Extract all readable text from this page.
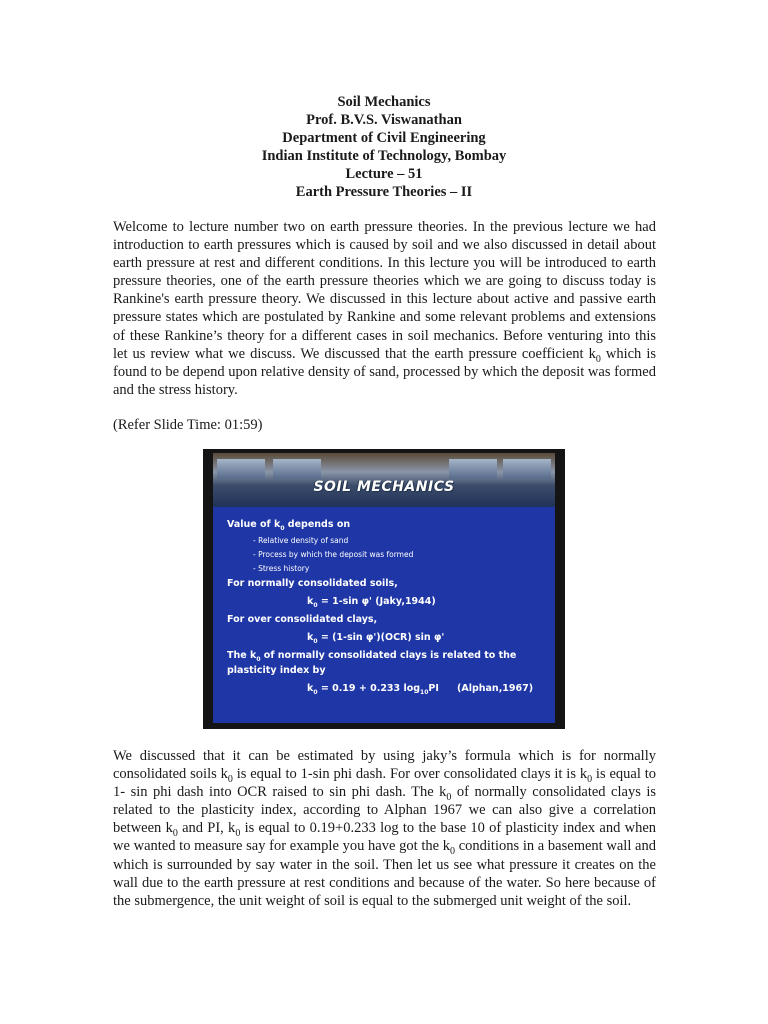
Soil Mechanics
Prof. B.V.S. Viswanathan
Department of Civil Engineering
Indian Institute of Technology, Bombay
Lecture – 51
Earth Pressure Theories – II

Welcome to lecture number two on earth pressure theories. In the previous lecture we had introduction to earth pressures which is caused by soil and we also discussed in detail about earth pressure at rest and different conditions. In this lecture you will be introduced to earth pressure theories, one of the earth pressure theories which we are going to discuss today is Rankine's earth pressure theory. We discussed in this lecture about active and passive earth pressure states which are postulated by Rankine and some relevant problems and extensions of these Rankine’s theory for a different cases in soil mechanics. Before venturing into this let us review what we discuss. We discussed that the earth pressure coefficient $k_0$ which is found to be depend upon relative density of sand, processed by which the deposit was formed and the stress history.

(Refer Slide Time: 01:59)

SOIL MECHANICS
Value of $k_0$ depends on
- Relative density of sand
- Process by which the deposit was formed
- Stress history
For normally consolidated soils,
$k_0 = 1-\sin$ φ' (Jaky,1944)
For over consolidated clays,
$k_0 = (1-\sin$ φ')(OCR) sin φ'
The $k_0$ of normally consolidated clays is related to the
plasticity index by
$k_0 = 0.19 + 0.233$ $\log_{10}PI$ (Alphan,1967)

We discussed that it can be estimated by using jaky’s formula which is for normally consolidated soils $k_0$ is equal to 1-sin phi dash. For over consolidated clays it is $k_0$ is equal to 1- sin phi dash into OCR raised to sin phi dash. The $k_0$ of normally consolidated clays is related to the plasticity index, according to Alphan 1967 we can also give a correlation between $k_0$ and PI, $k_0$ is equal to 0.19+0.233 log to the base 10 of plasticity index and when we wanted to measure say for example you have got the $k_0$ conditions in a basement wall and which is surrounded by say water in the soil. Then let us see what pressure it creates on the wall due to the earth pressure at rest conditions and because of the water. So here because of the submergence, the unit weight of soil is equal to the submerged unit weight of the soil.
